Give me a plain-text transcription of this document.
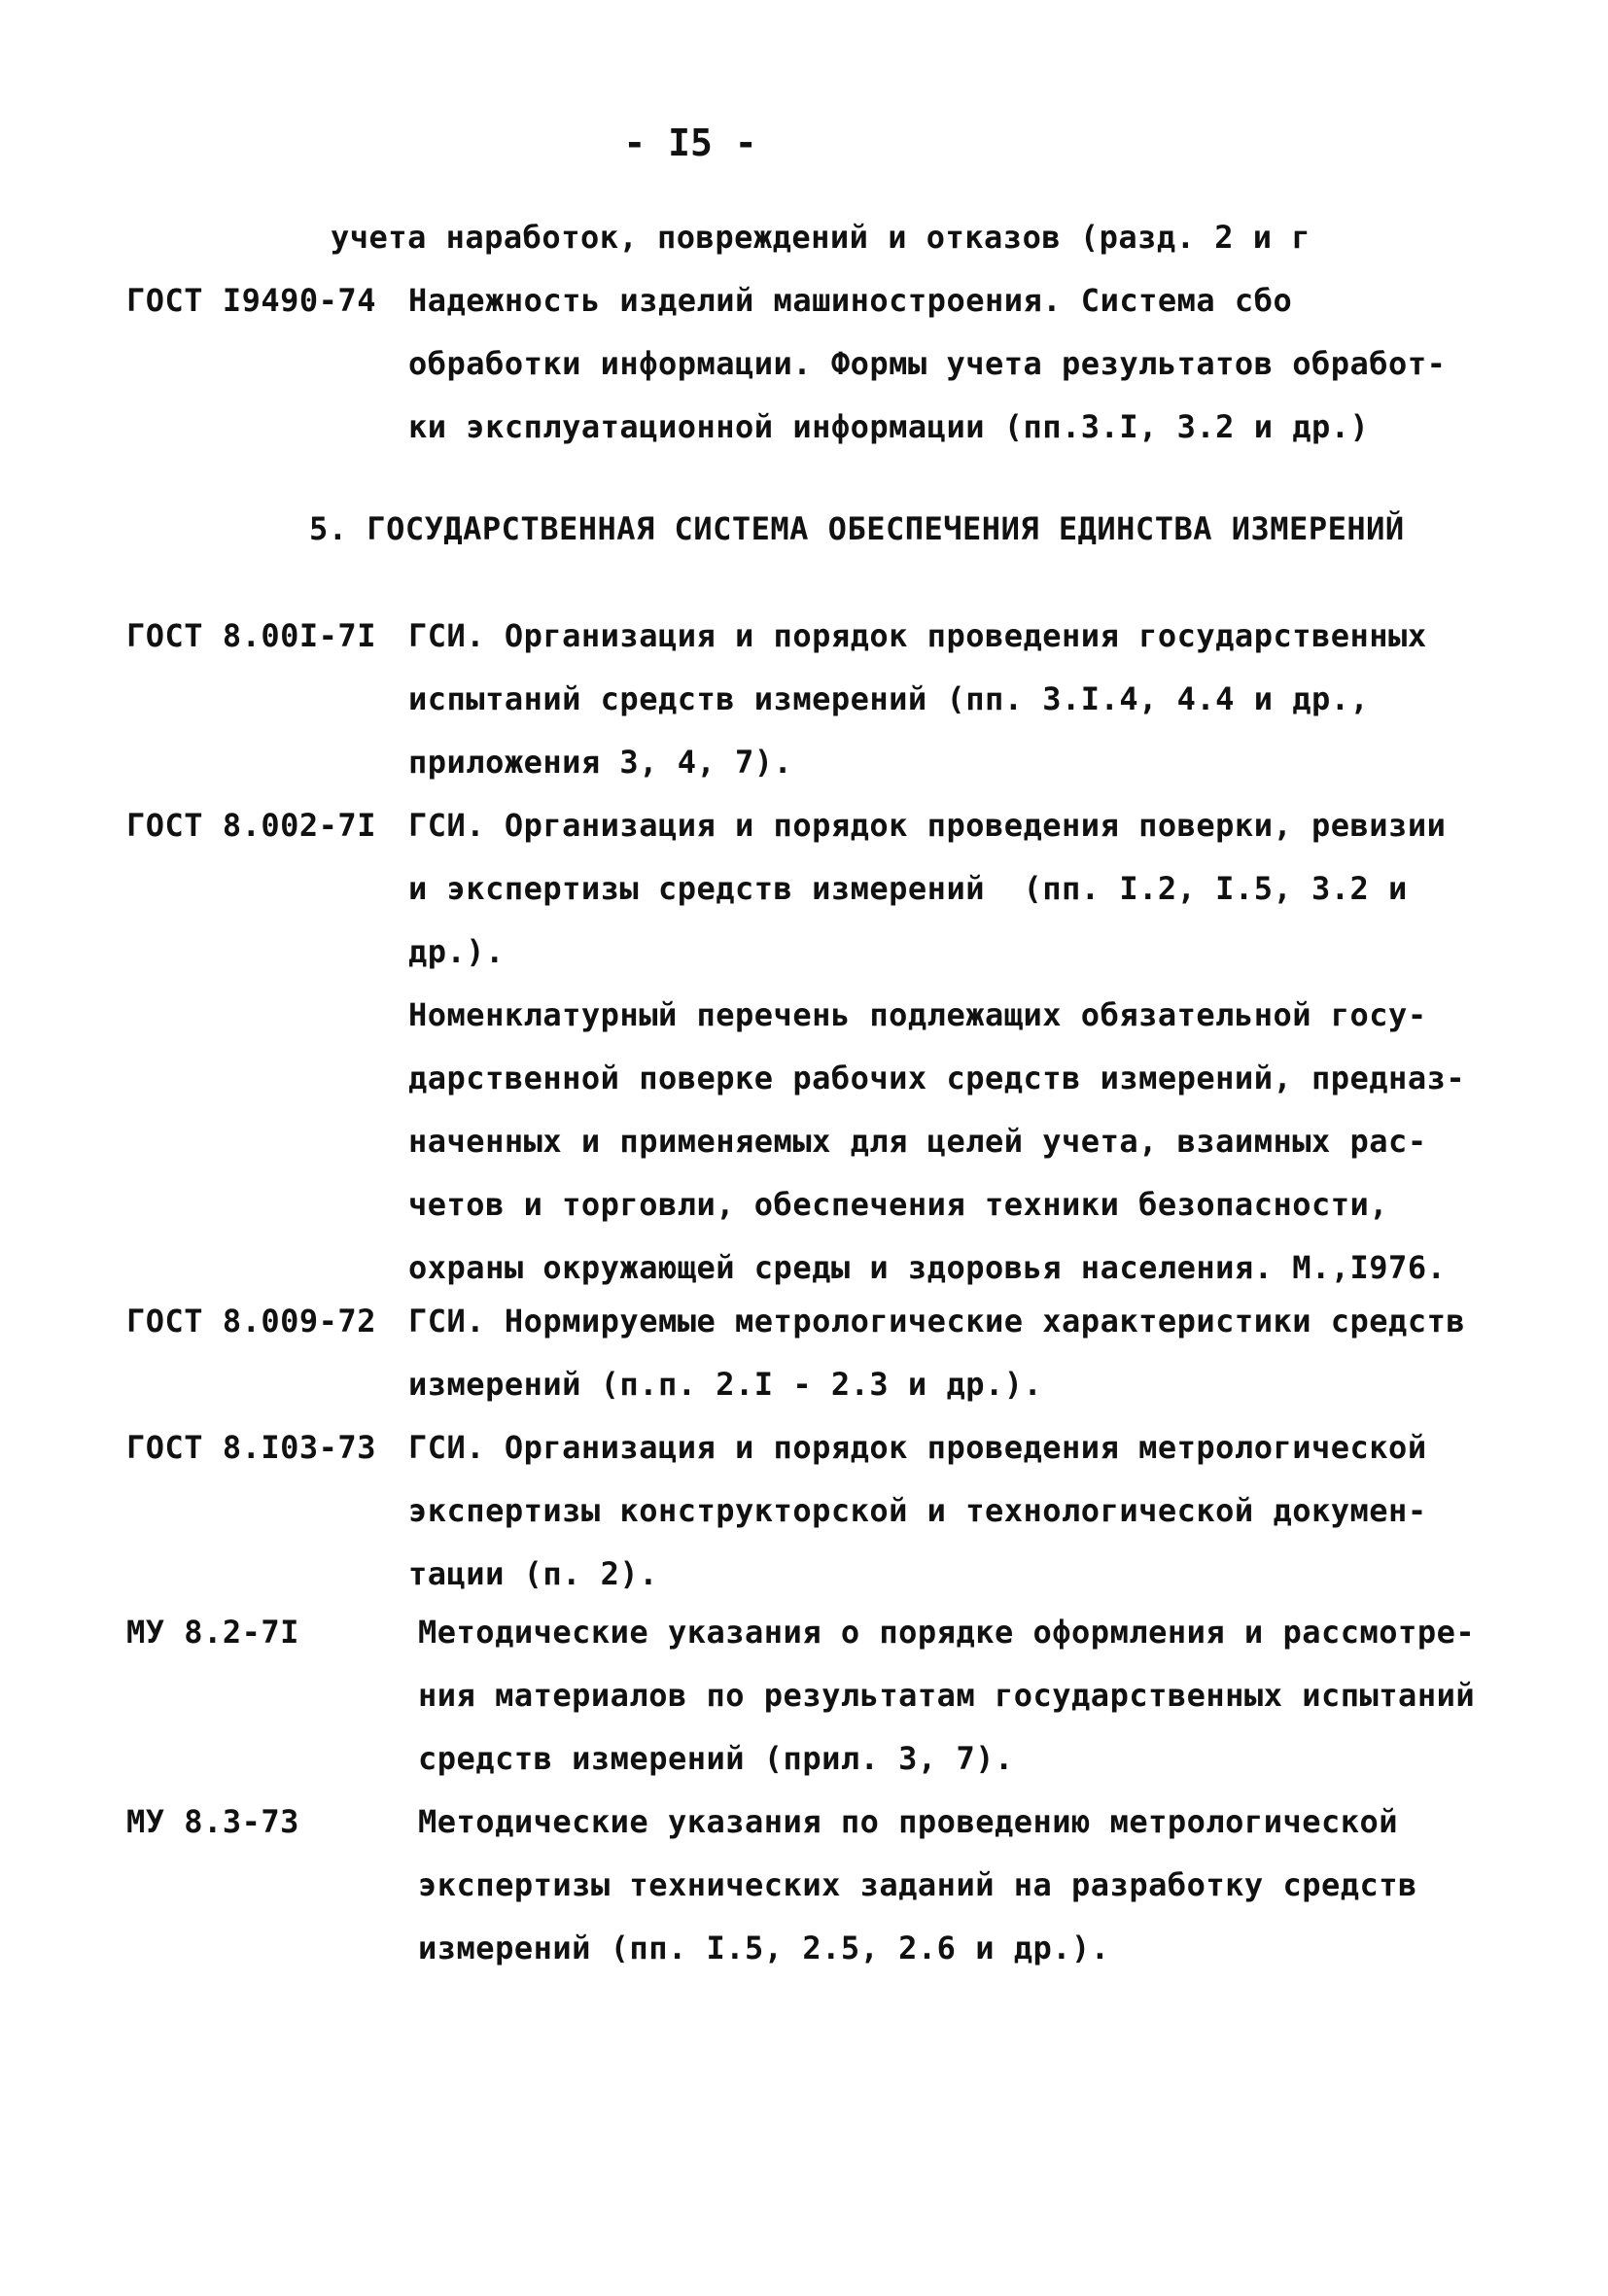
- I5 -
учета наработок, повреждений и отказов (разд. 2 и г
ГОСТ I9490-74 Надежность изделий машиностроения. Система сбо
обработки информации. Формы учета результатов обработ-
ки эксплуатационной информации (пп.3.I, 3.2 и др.)
5. ГОСУДАРСТВЕННАЯ СИСТЕМА ОБЕСПЕЧЕНИЯ ЕДИНСТВА ИЗМЕРЕНИЙ
ГОСТ 8.00I-7I ГСИ. Организация и порядок проведения государственных
испытаний средств измерений (пп. 3.I.4, 4.4 и др.,
приложения 3, 4, 7).
ГОСТ 8.002-7I ГСИ. Организация и порядок проведения поверки, ревизии
и экспертизы средств измерений  (пп. I.2, I.5, 3.2 и
др.).
Номенклатурный перечень подлежащих обязательной госу-
дарственной поверке рабочих средств измерений, предназ-
наченных и применяемых для целей учета, взаимных рас-
четов и торговли, обеспечения техники безопасности,
охраны окружающей среды и здоровья населения. М.,I976.
ГОСТ 8.009-72 ГСИ. Нормируемые метрологические характеристики средств
измерений (п.п. 2.I - 2.3 и др.).
ГОСТ 8.I03-73 ГСИ. Организация и порядок проведения метрологической
экспертизы конструкторской и технологической докумен-
тации (п. 2).
МУ 8.2-7I	Методические указания о порядке оформления и рассмотре-
ния материалов по результатам государственных испытаний
средств измерений (прил. 3, 7).
МУ 8.3-73	Методические указания по проведению метрологической
экспертизы технических заданий на разработку средств
измерений (пп. I.5, 2.5, 2.6 и др.).
